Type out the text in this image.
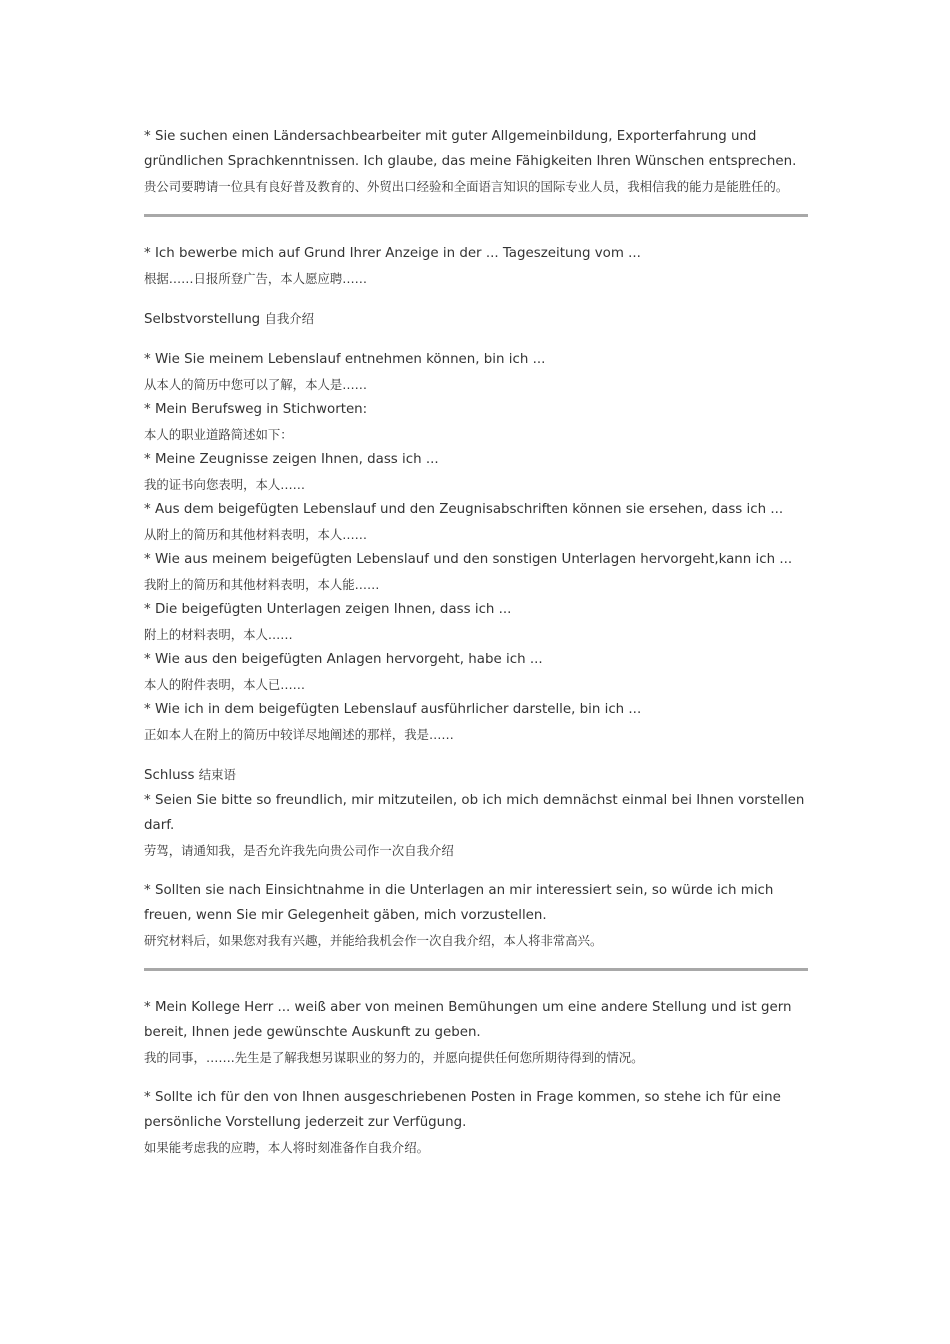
* Sie suchen einen Ländersachbearbeiter mit guter Allgemeinbildung, Exporterfahrung und gründlichen Sprachkenntnissen. Ich glaube, das meine Fähigkeiten Ihren Wünschen entsprechen.

贵公司要聘请一位具有良好普及教育的、外贸出口经验和全面语言知识的国际专业人员，我相信我的能力是能胜任的。

* Ich bewerbe mich auf Grund Ihrer Anzeige in der ... Tageszeitung vom ...

根据……日报所登广告，本人愿应聘……

Selbstvorstellung 自我介绍

* Wie Sie meinem Lebenslauf entnehmen können, bin ich ...

从本人的简历中您可以了解，本人是……

* Mein Berufsweg in Stichworten:

本人的职业道路简述如下：

* Meine Zeugnisse zeigen Ihnen, dass ich ...

我的证书向您表明，本人……

* Aus dem beigefügten Lebenslauf und den Zeugnisabschriften können sie ersehen, dass ich ...

从附上的简历和其他材料表明，本人……

* Wie aus meinem beigefügten Lebenslauf und den sonstigen Unterlagen hervorgeht,kann ich ...

我附上的简历和其他材料表明，本人能……

* Die beigefügten Unterlagen zeigen Ihnen, dass ich ...

附上的材料表明，本人……

* Wie aus den beigefügten Anlagen hervorgeht, habe ich ...

本人的附件表明，本人已……

* Wie ich in dem beigefügten Lebenslauf ausführlicher darstelle, bin ich ...

正如本人在附上的简历中较详尽地阐述的那样，我是……

Schluss 结束语

* Seien Sie bitte so freundlich, mir mitzuteilen, ob ich mich demnächst einmal bei Ihnen vorstellen darf.

劳驾，请通知我，是否允许我先向贵公司作一次自我介绍

* Sollten sie nach Einsichtnahme in die Unterlagen an mir interessiert sein, so würde ich mich freuen, wenn Sie mir Gelegenheit gäben, mich vorzustellen.

研究材料后，如果您对我有兴趣，并能给我机会作一次自我介绍，本人将非常高兴。

* Mein Kollege Herr ... weiß aber von meinen Bemühungen um eine andere Stellung und ist gern bereit, Ihnen jede gewünschte Auskunft zu geben.

我的同事，…….先生是了解我想另谋职业的努力的，并愿向提供任何您所期待得到的情况。

* Sollte ich für den von Ihnen ausgeschriebenen Posten in Frage kommen, so stehe ich für eine persönliche Vorstellung jederzeit zur Verfügung.

如果能考虑我的应聘，本人将时刻准备作自我介绍。
